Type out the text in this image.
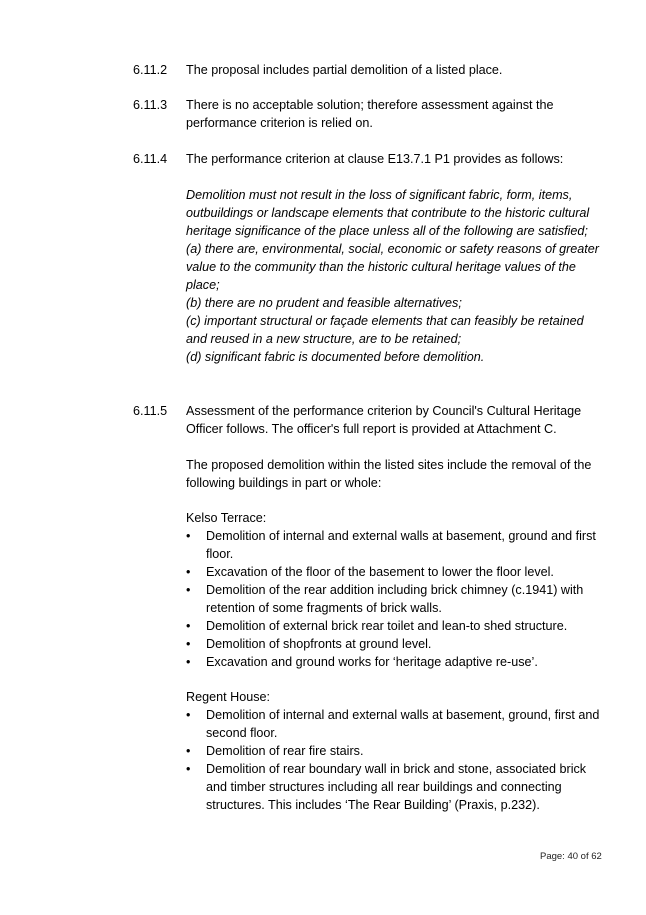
6.11.2 The proposal includes partial demolition of a listed place.

6.11.3 There is no acceptable solution; therefore assessment against the performance criterion is relied on.

6.11.4 The performance criterion at clause E13.7.1 P1 provides as follows:

Demolition must not result in the loss of significant fabric, form, items, outbuildings or landscape elements that contribute to the historic cultural heritage significance of the place unless all of the following are satisfied;

(a) there are, environmental, social, economic or safety reasons of greater value to the community than the historic cultural heritage values of the place;

(b) there are no prudent and feasible alternatives;

(c) important structural or façade elements that can feasibly be retained and reused in a new structure, are to be retained;

(d) significant fabric is documented before demolition.

6.11.5 Assessment of the performance criterion by Council's Cultural Heritage Officer follows. The officer's full report is provided at Attachment C.

The proposed demolition within the listed sites include the removal of the following buildings in part or whole:

Kelso Terrace:
• Demolition of internal and external walls at basement, ground and first floor.
• Excavation of the floor of the basement to lower the floor level.
• Demolition of the rear addition including brick chimney (c.1941) with retention of some fragments of brick walls.
• Demolition of external brick rear toilet and lean-to shed structure.
• Demolition of shopfronts at ground level.
• Excavation and ground works for ‘heritage adaptive re-use’.
Regent House:
• Demolition of internal and external walls at basement, ground, first and second floor.
• Demolition of rear fire stairs.
• Demolition of rear boundary wall in brick and stone, associated brick and timber structures including all rear buildings and connecting structures. This includes ‘The Rear Building’ (Praxis, p.232).
Page: 40 of 62
